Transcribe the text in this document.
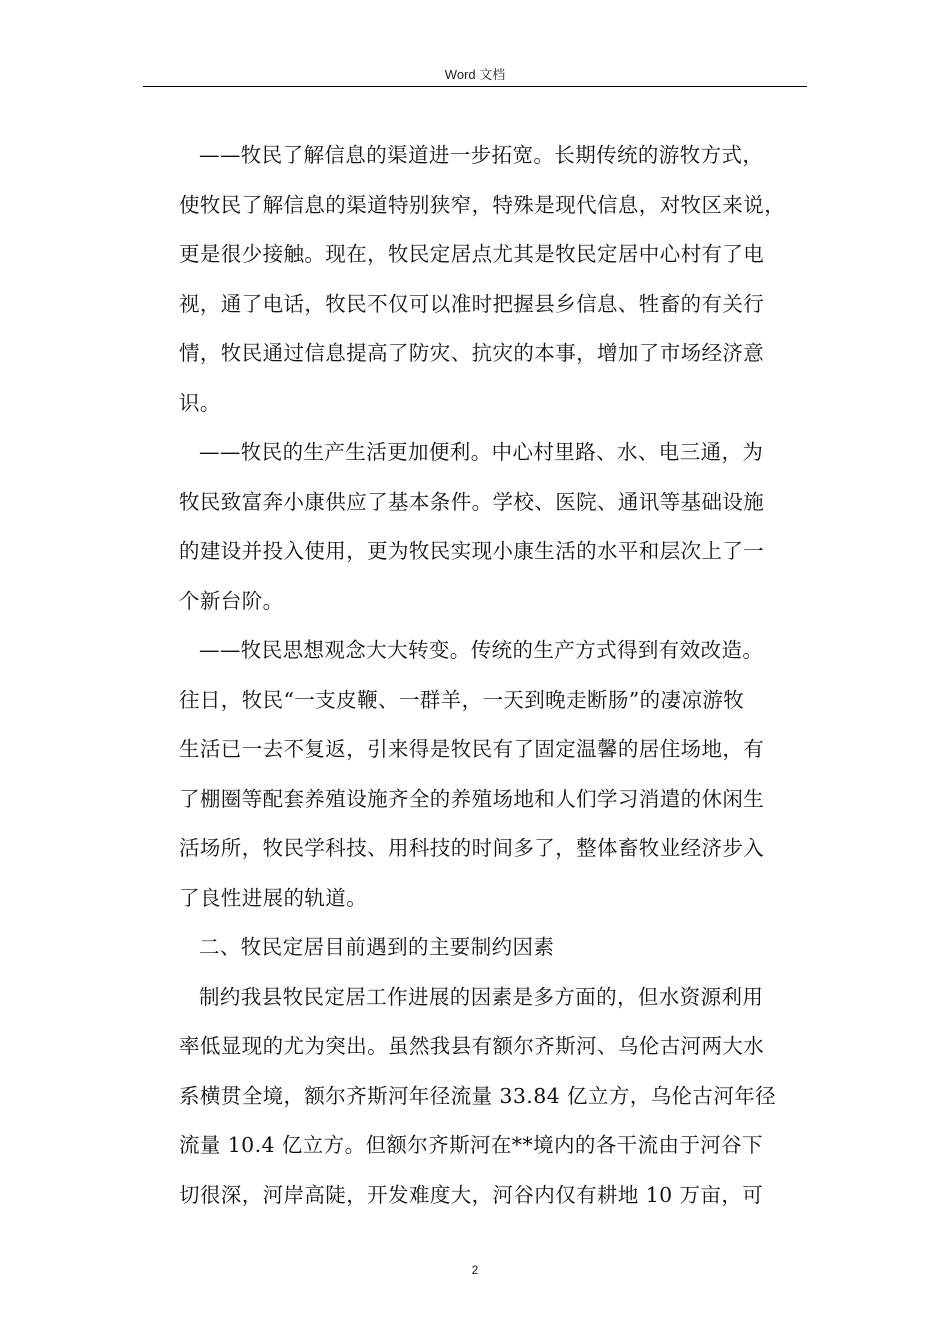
Word 文档
——牧民了解信息的渠道进一步拓宽。长期传统的游牧方式，
使牧民了解信息的渠道特别狭窄，特殊是现代信息，对牧区来说，
更是很少接触。现在，牧民定居点尤其是牧民定居中心村有了电
视，通了电话，牧民不仅可以准时把握县乡信息、牲畜的有关行
情，牧民通过信息提高了防灾、抗灾的本事，增加了市场经济意
识。
——牧民的生产生活更加便利。中心村里路、水、电三通，为
牧民致富奔小康供应了基本条件。学校、医院、通讯等基础设施
的建设并投入使用，更为牧民实现小康生活的水平和层次上了一
个新台阶。
——牧民思想观念大大转变。传统的生产方式得到有效改造。
往日，牧民“一支皮鞭、一群羊，一天到晚走断肠”的凄凉游牧
生活已一去不复返，引来得是牧民有了固定温馨的居住场地，有
了棚圈等配套养殖设施齐全的养殖场地和人们学习消遣的休闲生
活场所，牧民学科技、用科技的时间多了，整体畜牧业经济步入
了良性进展的轨道。
二、牧民定居目前遇到的主要制约因素
制约我县牧民定居工作进展的因素是多方面的，但水资源利用
率低显现的尤为突出。虽然我县有额尔齐斯河、乌伦古河两大水
系横贯全境，额尔齐斯河年径流量 33.84 亿立方，乌伦古河年径
流量 10.4 亿立方。但额尔齐斯河在**境内的各干流由于河谷下
切很深，河岸高陡，开发难度大，河谷内仅有耕地 10 万亩，可
2
